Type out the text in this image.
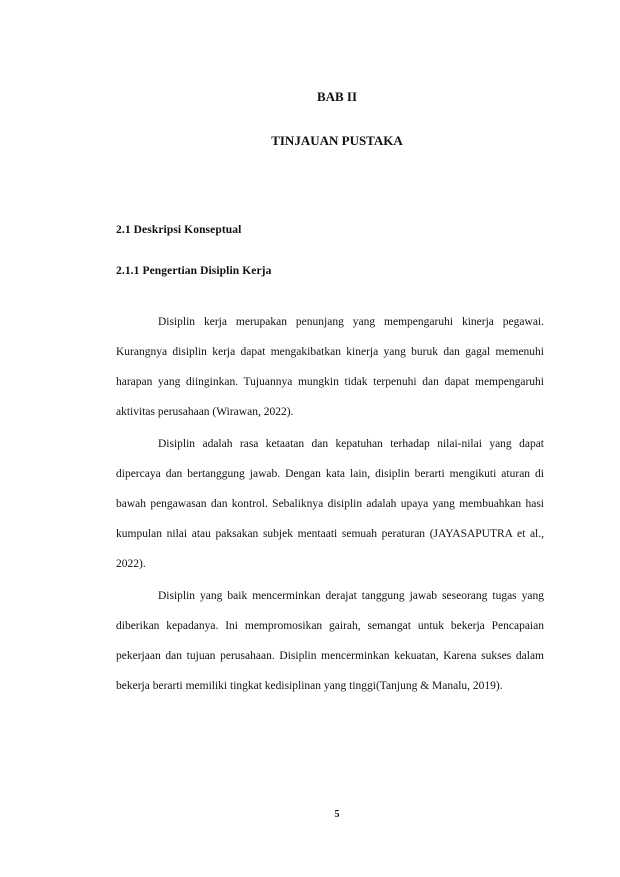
BAB II
TINJAUAN PUSTAKA
2.1 Deskripsi Konseptual
2.1.1 Pengertian Disiplin Kerja

Disiplin kerja merupakan penunjang yang mempengaruhi kinerja pegawai. Kurangnya disiplin kerja dapat mengakibatkan kinerja yang buruk dan gagal memenuhi harapan yang diinginkan. Tujuannya mungkin tidak terpenuhi dan dapat mempengaruhi aktivitas perusahaan (Wirawan, 2022).

Disiplin adalah rasa ketaatan dan kepatuhan terhadap nilai-nilai yang dapat dipercaya dan bertanggung jawab. Dengan kata lain, disiplin berarti mengikuti aturan di bawah pengawasan dan kontrol. Sebaliknya disiplin adalah upaya yang membuahkan hasi kumpulan nilai atau paksakan subjek mentaati semuah peraturan (JAYASAPUTRA et al., 2022).

Disiplin yang baik mencerminkan derajat tanggung jawab seseorang tugas yang diberikan kepadanya. Ini mempromosikan gairah, semangat untuk bekerja Pencapaian pekerjaan dan tujuan perusahaan. Disiplin mencerminkan kekuatan, Karena sukses dalam bekerja berarti memiliki tingkat kedisiplinan yang tinggi(Tanjung & Manalu, 2019).

5
